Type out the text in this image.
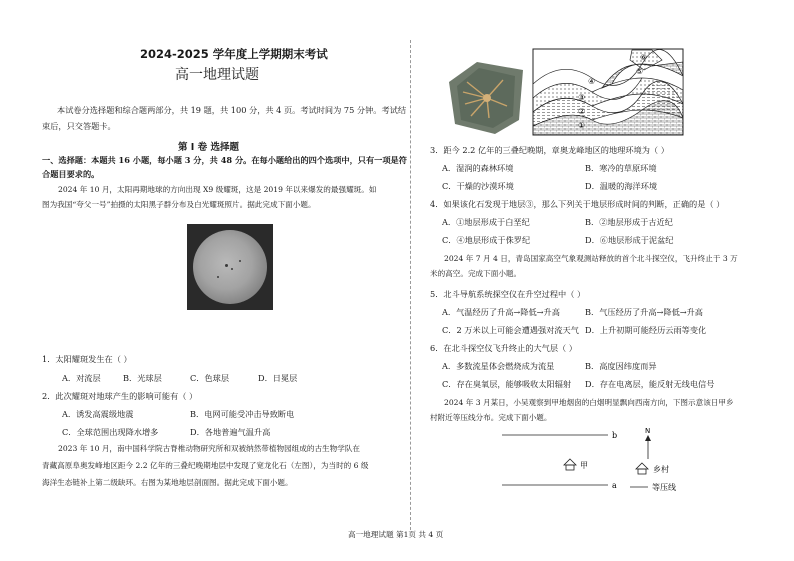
2024-2025 学年度上学期期末考试
高一地理试题
本试卷分选择题和综合题两部分，共 19 题，共 100 分，共 4 页。考试时间为 75 分钟。考试结
束后，只交答题卡。
第 Ⅰ 卷 选择题
一、选择题：本题共 16 小题，每小题 3 分，共 48 分。在每小题给出的四个选项中，只有一项是符
合题目要求的。
2024 年 10 月，太阳再期地球的方向出现 X9 级耀斑，这是 2019 年以来爆发的最强耀斑。如
图为我国“夸父一号”拍摄的太阳黑子群分布及白光耀斑照片。据此完成下面小题。
1．太阳耀斑发生在（ ）
A．对流层	B．光球层	C．色球层	D．日冕层
2．此次耀斑对地球产生的影响可能有（ ）
A．诱发高震级地震	B．电网可能受冲击导致断电
C．全球范围出现降水增多	D．各地普遍气温升高
2023 年 10 月，南中国科学院古脊椎动物研究所和双被纳然带植物园组成的古生物学队在
青藏高原阜奥发峰地区距今 2.2 亿年的三叠纪晚期地层中发现了宽龙化石（左图），为当时的 6 级
海洋生态链补上第二级缺环。右图为某地地层剖面图。据此完成下面小题。
①
②
③
④
⑤
⑥
3．距今 2.2 亿年的三叠纪晚期，章奥龙峰地区的地理环境为（ ）
A．湿润的森林环境	B．寒冷的草原环境
C．干燥的沙漠环境	D．温暖的海洋环境
4．如果该化石发现于地层③，那么下列关于地层形成时间的判断，正确的是（ ）
A．①地层形成于白垩纪	B．②地层形成于古近纪
C．④地层形成于侏罗纪	D．⑥地层形成于泥盆纪
2024 年 7 月 4 日，青岛国家高空气象观测站释放的首个北斗探空仪，飞升终止于 3 万
米的高空。完成下面小题。
5．北斗导航系统探空仪在升空过程中（ ）
A．气温经历了升高→降低→升高	B．气压经历了升高→降低→升高
C．2 万米以上可能会遭遇强对流天气 D．上升初期可能经历云雨等变化
6．在北斗探空仪飞升终止的大气层（ ）
A．多数流星体会燃烧成为流星	B．高度因纬度而异
C．存在臭氧层，能够吸收太阳辐射 D．存在电离层，能反射无线电信号
2024 年 3 月某日，小吴观察到甲地烟囱的白烟明显飘向西南方向，下图示意该日甲乡
村附近等压线分布。完成下面小题。
b
a
甲
N
乡村
等压线
高一地理试题 第1页 共 4 页
